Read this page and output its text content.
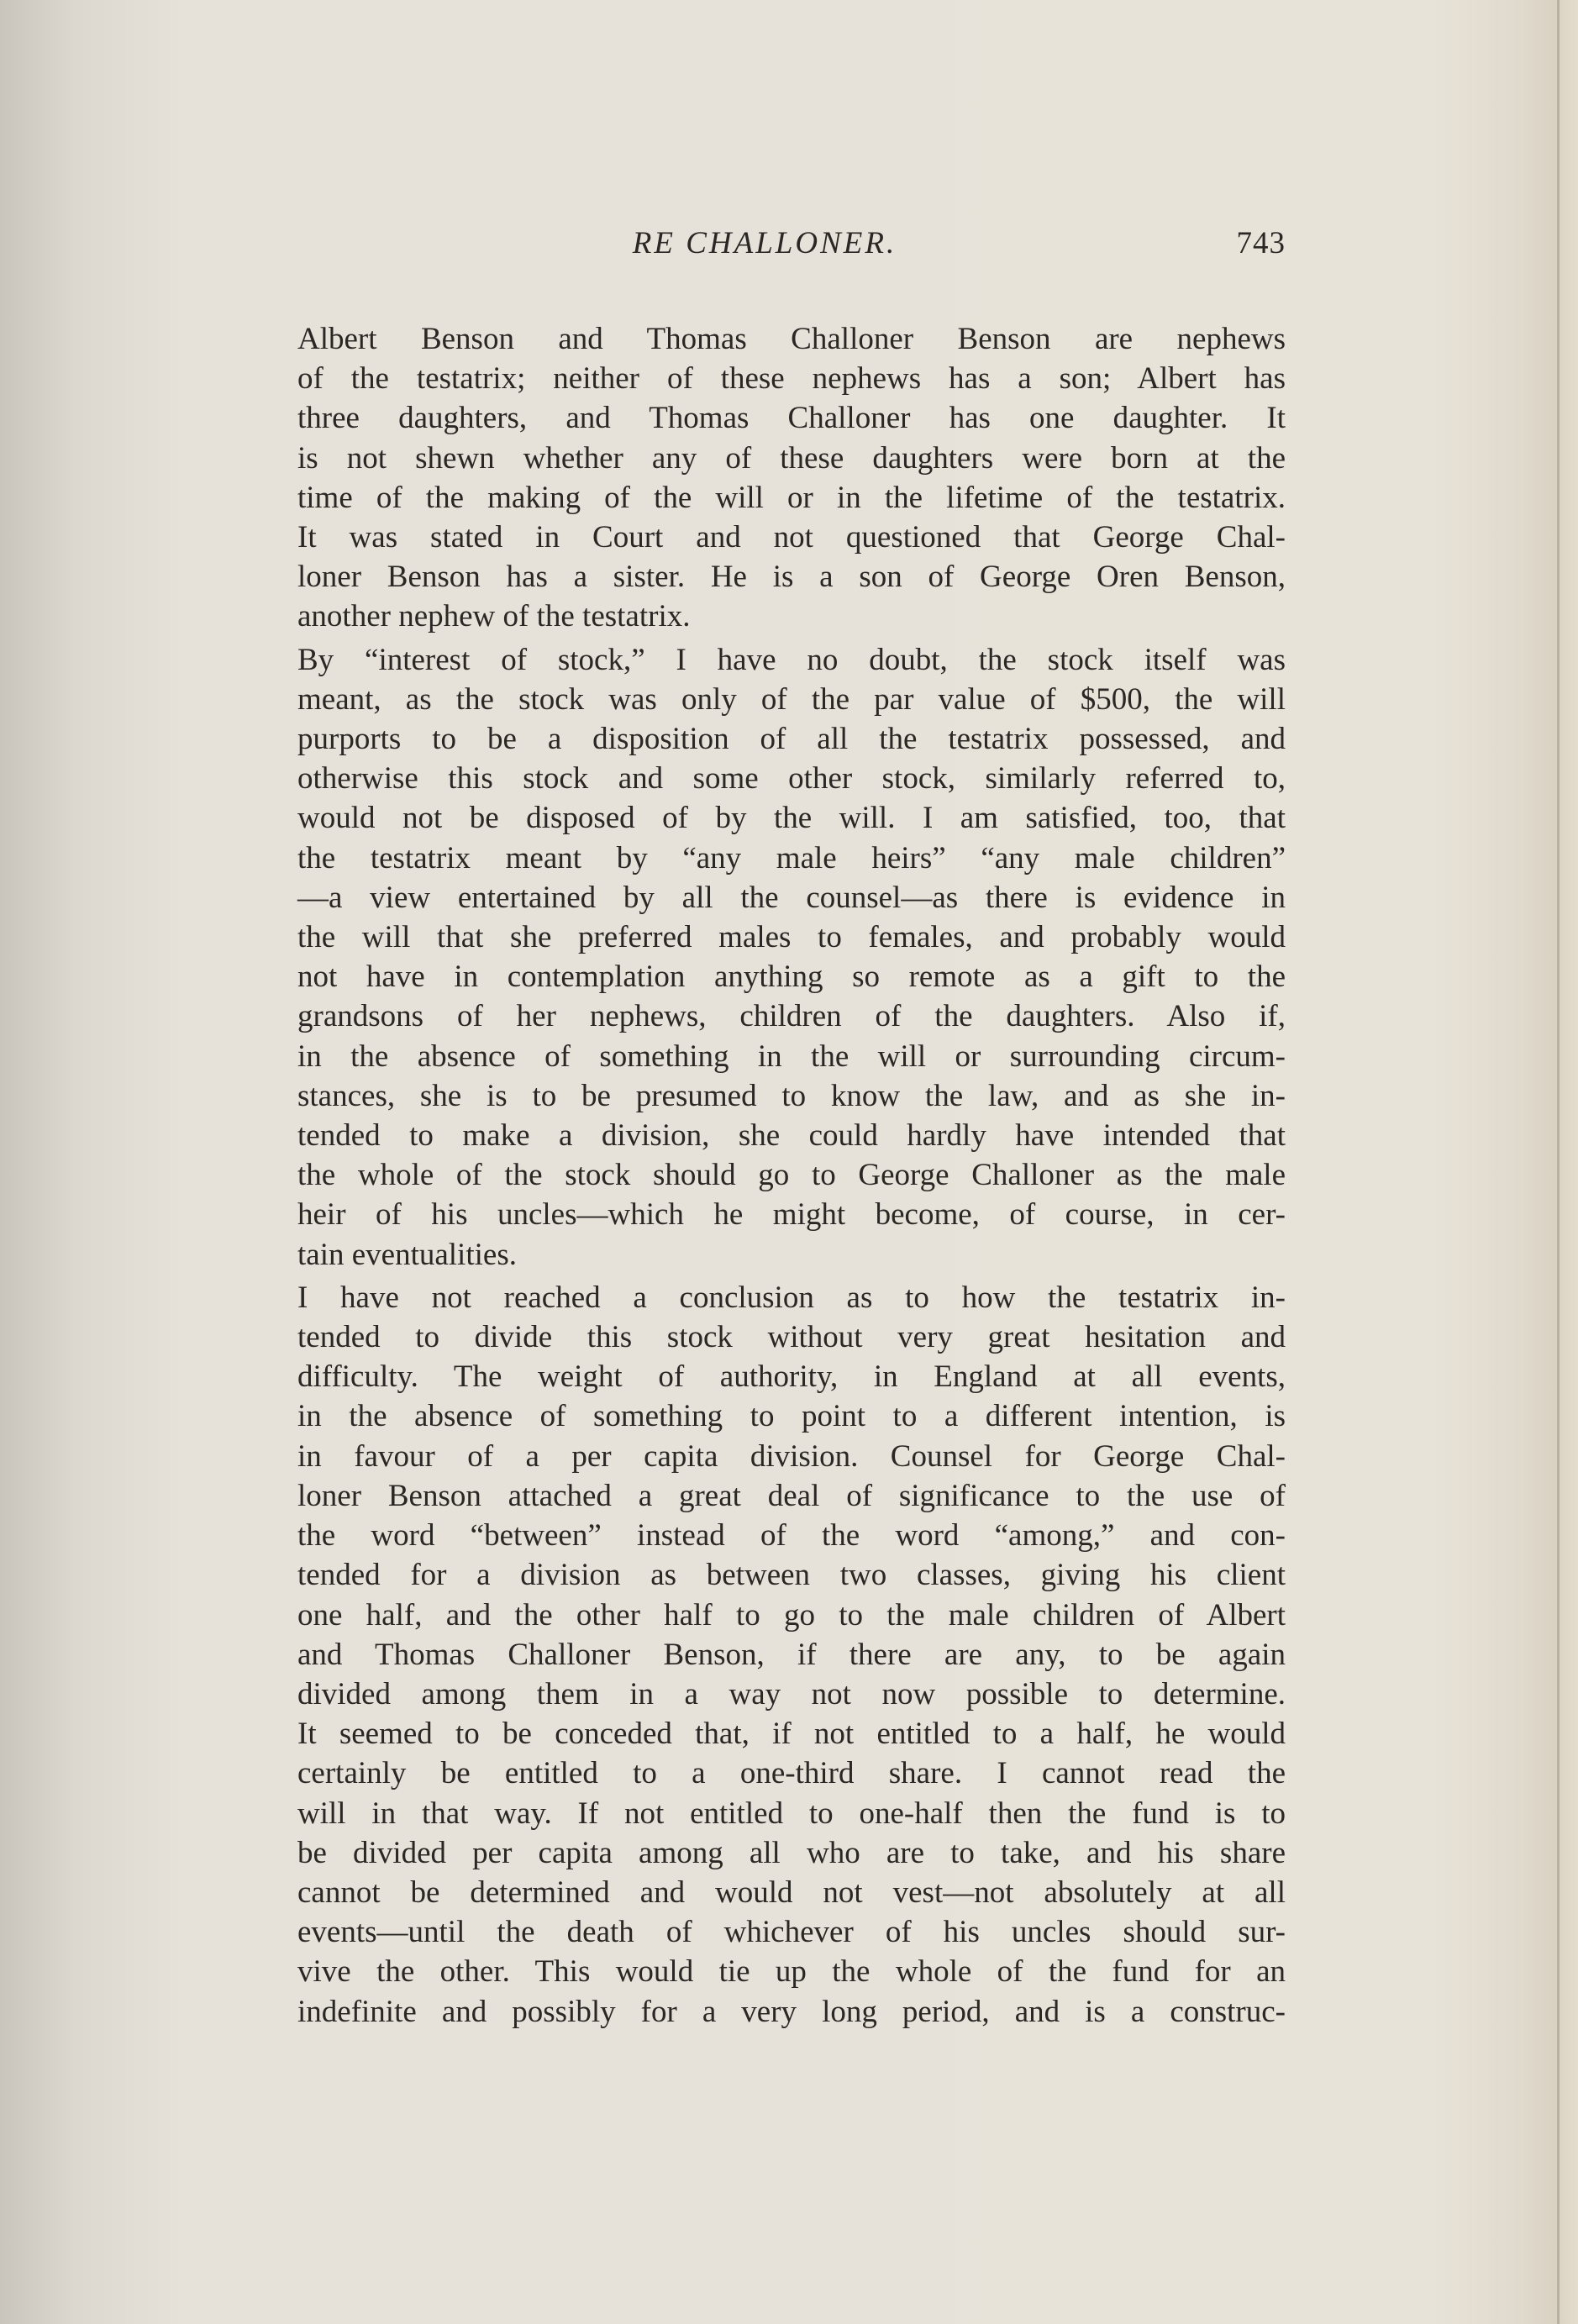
RE CHALLONER.	743

Albert Benson and Thomas Challoner Benson are nephews
of the testatrix; neither of these nephews has a son; Albert has
three daughters, and Thomas Challoner has one daughter. It
is not shewn whether any of these daughters were born at the
time of the making of the will or in the lifetime of the testatrix.
It was stated in Court and not questioned that George Chal-
loner Benson has a sister. He is a son of George Oren Benson,
another nephew of the testatrix.

By “interest of stock,” I have no doubt, the stock itself was
meant, as the stock was only of the par value of $500, the will
purports to be a disposition of all the testatrix possessed, and
otherwise this stock and some other stock, similarly referred to,
would not be disposed of by the will. I am satisfied, too, that
the testatrix meant by “any male heirs” “any male children”
—a view entertained by all the counsel—as there is evidence in
the will that she preferred males to females, and probably would
not have in contemplation anything so remote as a gift to the
grandsons of her nephews, children of the daughters. Also if,
in the absence of something in the will or surrounding circum-
stances, she is to be presumed to know the law, and as she in-
tended to make a division, she could hardly have intended that
the whole of the stock should go to George Challoner as the male
heir of his uncles—which he might become, of course, in cer-
tain eventualities.

I have not reached a conclusion as to how the testatrix in-
tended to divide this stock without very great hesitation and
difficulty. The weight of authority, in England at all events,
in the absence of something to point to a different intention, is
in favour of a per capita division. Counsel for George Chal-
loner Benson attached a great deal of significance to the use of
the word “between” instead of the word “among,” and con-
tended for a division as between two classes, giving his client
one half, and the other half to go to the male children of Albert
and Thomas Challoner Benson, if there are any, to be again
divided among them in a way not now possible to determine.
It seemed to be conceded that, if not entitled to a half, he would
certainly be entitled to a one-third share. I cannot read the
will in that way. If not entitled to one-half then the fund is to
be divided per capita among all who are to take, and his share
cannot be determined and would not vest—not absolutely at all
events—until the death of whichever of his uncles should sur-
vive the other. This would tie up the whole of the fund for an
indefinite and possibly for a very long period, and is a construc-
